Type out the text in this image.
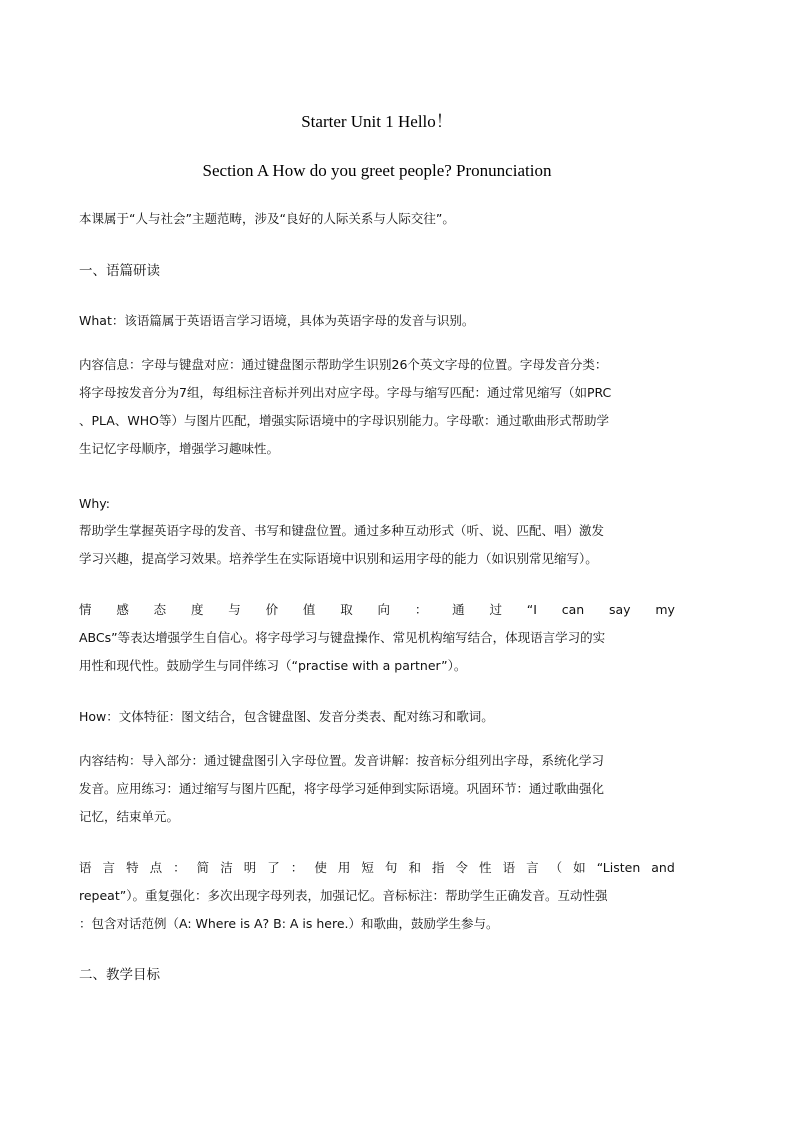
Starter Unit 1 Hello！
Section A How do you greet people? Pronunciation

本课属于“人与社会”主题范畴，涉及“良好的人际关系与人际交往”。

一、语篇研读

What：该语篇属于英语语言学习语境，具体为英语字母的发音与识别。

内容信息：字母与键盘对应：通过键盘图示帮助学生识别26个英文字母的位置。字母发音分类：
将字母按发音分为7组，每组标注音标并列出对应字母。字母与缩写匹配：通过常见缩写（如PRC
、PLA、WHO等）与图片匹配，增强实际语境中的字母识别能力。字母歌：通过歌曲形式帮助学
生记忆字母顺序，增强学习趣味性。

Why:

帮助学生掌握英语字母的发音、书写和键盘位置。通过多种互动形式（听、说、匹配、唱）激发
学习兴趣，提高学习效果。培养学生在实际语境中识别和运用字母的能力（如识别常见缩写）。
情 感 态 度 与 价 值 取 向 ： 通 过 “I can say my
ABCs”等表达增强学生自信心。将字母学习与键盘操作、常见机构缩写结合，体现语言学习的实
用性和现代性。鼓励学生与同伴练习（“practise with a partner”）。

How：文体特征：图文结合，包含键盘图、发音分类表、配对练习和歌词。

内容结构：导入部分：通过键盘图引入字母位置。发音讲解：按音标分组列出字母，系统化学习
发音。应用练习：通过缩写与图片匹配，将字母学习延伸到实际语境。巩固环节：通过歌曲强化
记忆，结束单元。
语 言 特 点 ： 简 洁 明 了 ： 使 用 短 句 和 指 令 性 语 言 （ 如 “Listen and
repeat”）。重复强化：多次出现字母列表，加强记忆。音标标注：帮助学生正确发音。互动性强
：包含对话范例（A: Where is A? B: A is here.）和歌曲，鼓励学生参与。

二、教学目标
